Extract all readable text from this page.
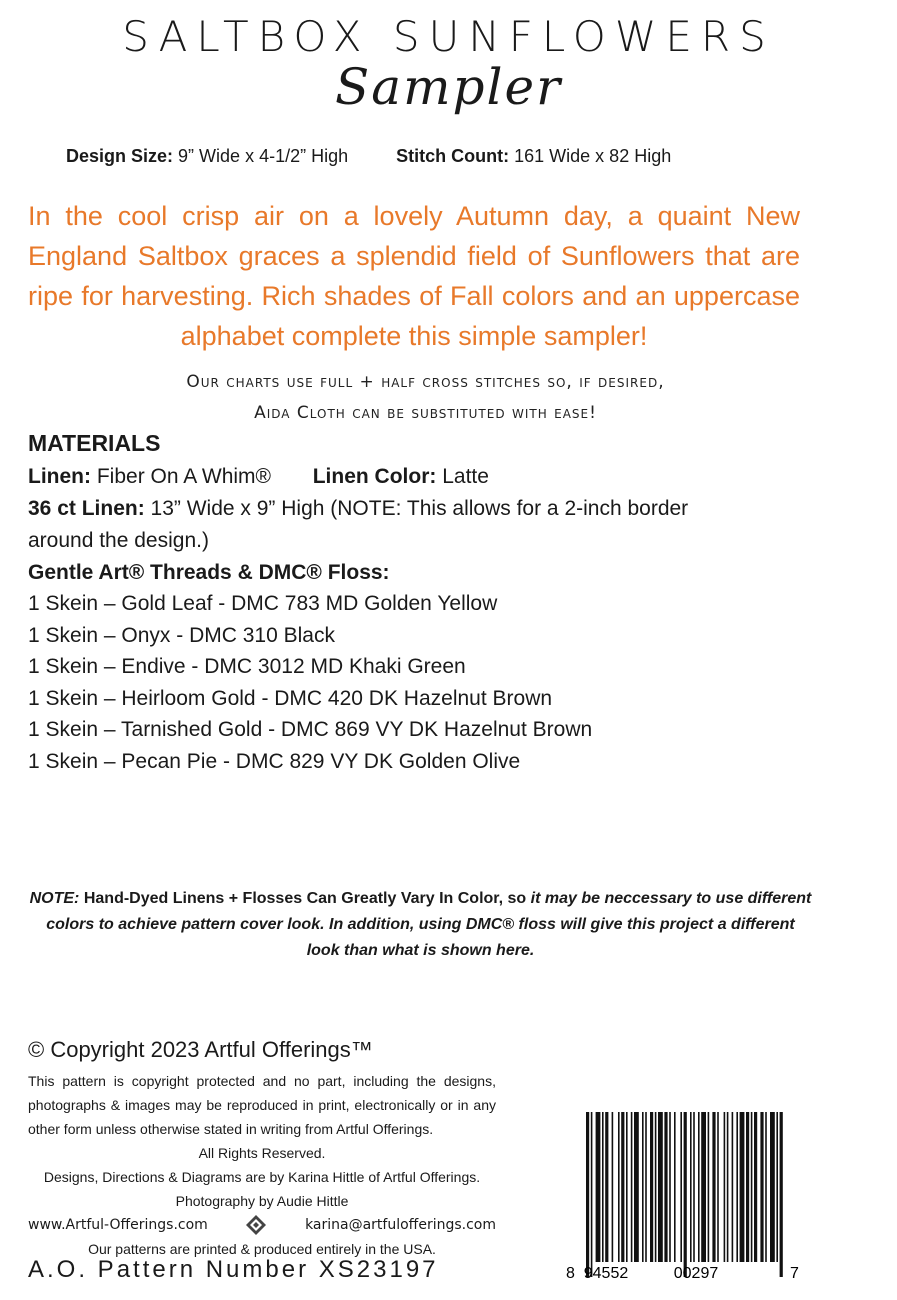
SALTBOX SUNFLOWERS
Sampler
Design Size: 9” Wide x 4-1/2” High	Stitch Count: 161 Wide x 82 High
In the cool crisp air on a lovely Autumn day, a quaint New England Saltbox graces a splendid field of Sunflowers that are ripe for harvesting. Rich shades of Fall colors and an uppercase alphabet complete this simple sampler!
Our charts use full + half cross stitches so, if desired,
Aida Cloth can be substituted with ease!
MATERIALS
Linen: Fiber On A Whim® Linen Color: Latte
36 ct Linen: 13” Wide x 9” High (NOTE: This allows for a 2-inch border
around the design.)
Gentle Art® Threads & DMC® Floss:
1 Skein – Gold Leaf - DMC 783 MD Golden Yellow
1 Skein – Onyx - DMC 310 Black
1 Skein – Endive - DMC 3012 MD Khaki Green
1 Skein – Heirloom Gold - DMC 420 DK Hazelnut Brown
1 Skein – Tarnished Gold - DMC 869 VY DK Hazelnut Brown
1 Skein – Pecan Pie - DMC 829 VY DK Golden Olive
NOTE: Hand-Dyed Linens + Flosses Can Greatly Vary In Color, so it may be neccessary to use different colors to achieve pattern cover look. In addition, using DMC® floss will give this project a different look than what is shown here.
© Copyright 2023 Artful Offerings™
This pattern is copyright protected and no part, including the designs, photographs & images may be reproduced in print, electronically or in any other form unless otherwise stated in writing from Artful Offerings.
All Rights Reserved.
Designs, Directions & Diagrams are by Karina Hittle of Artful Offerings.
Photography by Audie Hittle
www.Artful-Offerings.com	karina@artfulofferings.com
Our patterns are printed & produced entirely in the USA.
A.O. Pattern Number XS23197	8 94552	00297	7
